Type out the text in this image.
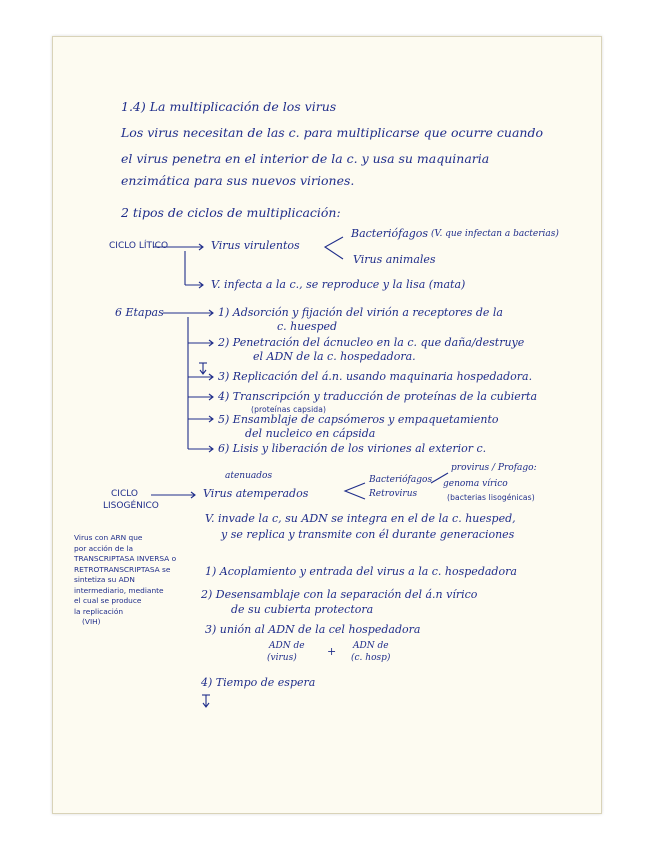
1.4) La multiplicación de los virus
Los virus necesitan de las c. para multiplicarse que ocurre cuando
el virus penetra en el interior de la c. y usa su maquinaria
enzimática para sus nuevos viriones.
2 tipos de ciclos de multiplicación:
CICLO LÍTICO	Virus virulentos
Bacteriófagos (V. que infectan a bacterias)
Virus animales
V. infecta a la c., se reproduce y la lisa (mata)
6 Etapas	1) Adsorción y fijación del virión a receptores de la
c. huesped
2) Penetración del ácnucleo en la c. que daña/destruye
el ADN de la c. hospedadora.
3) Replicación del á.n. usando maquinaria hospedadora.
4) Transcripción y traducción de proteínas de la cubierta
(proteínas capsida)
5) Ensamblaje de capsómeros y empaquetamiento
del nucleico en cápsida
6) Lisis y liberación de los viriones al exterior c.
CICLO
LISOGÉNICO
atenuados
Virus atemperados
Bacteriófagos
Retrovirus
provirus / Profago:
genoma vírico
(bacterias lisogénicas)
V. invade la c, su ADN se integra en el de la c. huesped,
y se replica y transmite con él durante generaciones
Virus con ARN que
por acción de la
TRANSCRIPTASA INVERSA o
RETROTRANSCRIPTASA se
sintetiza su ADN
intermediario, mediante
el cual se produce
la replicación
(VIH)
1) Acoplamiento y entrada del virus a la c. hospedadora
2) Desensamblaje con la separación del á.n vírico
de su cubierta protectora
3) unión al ADN de la cel hospedadora
ADN de
(virus)	+ ADN de
(c. hosp)
4) Tiempo de espera
